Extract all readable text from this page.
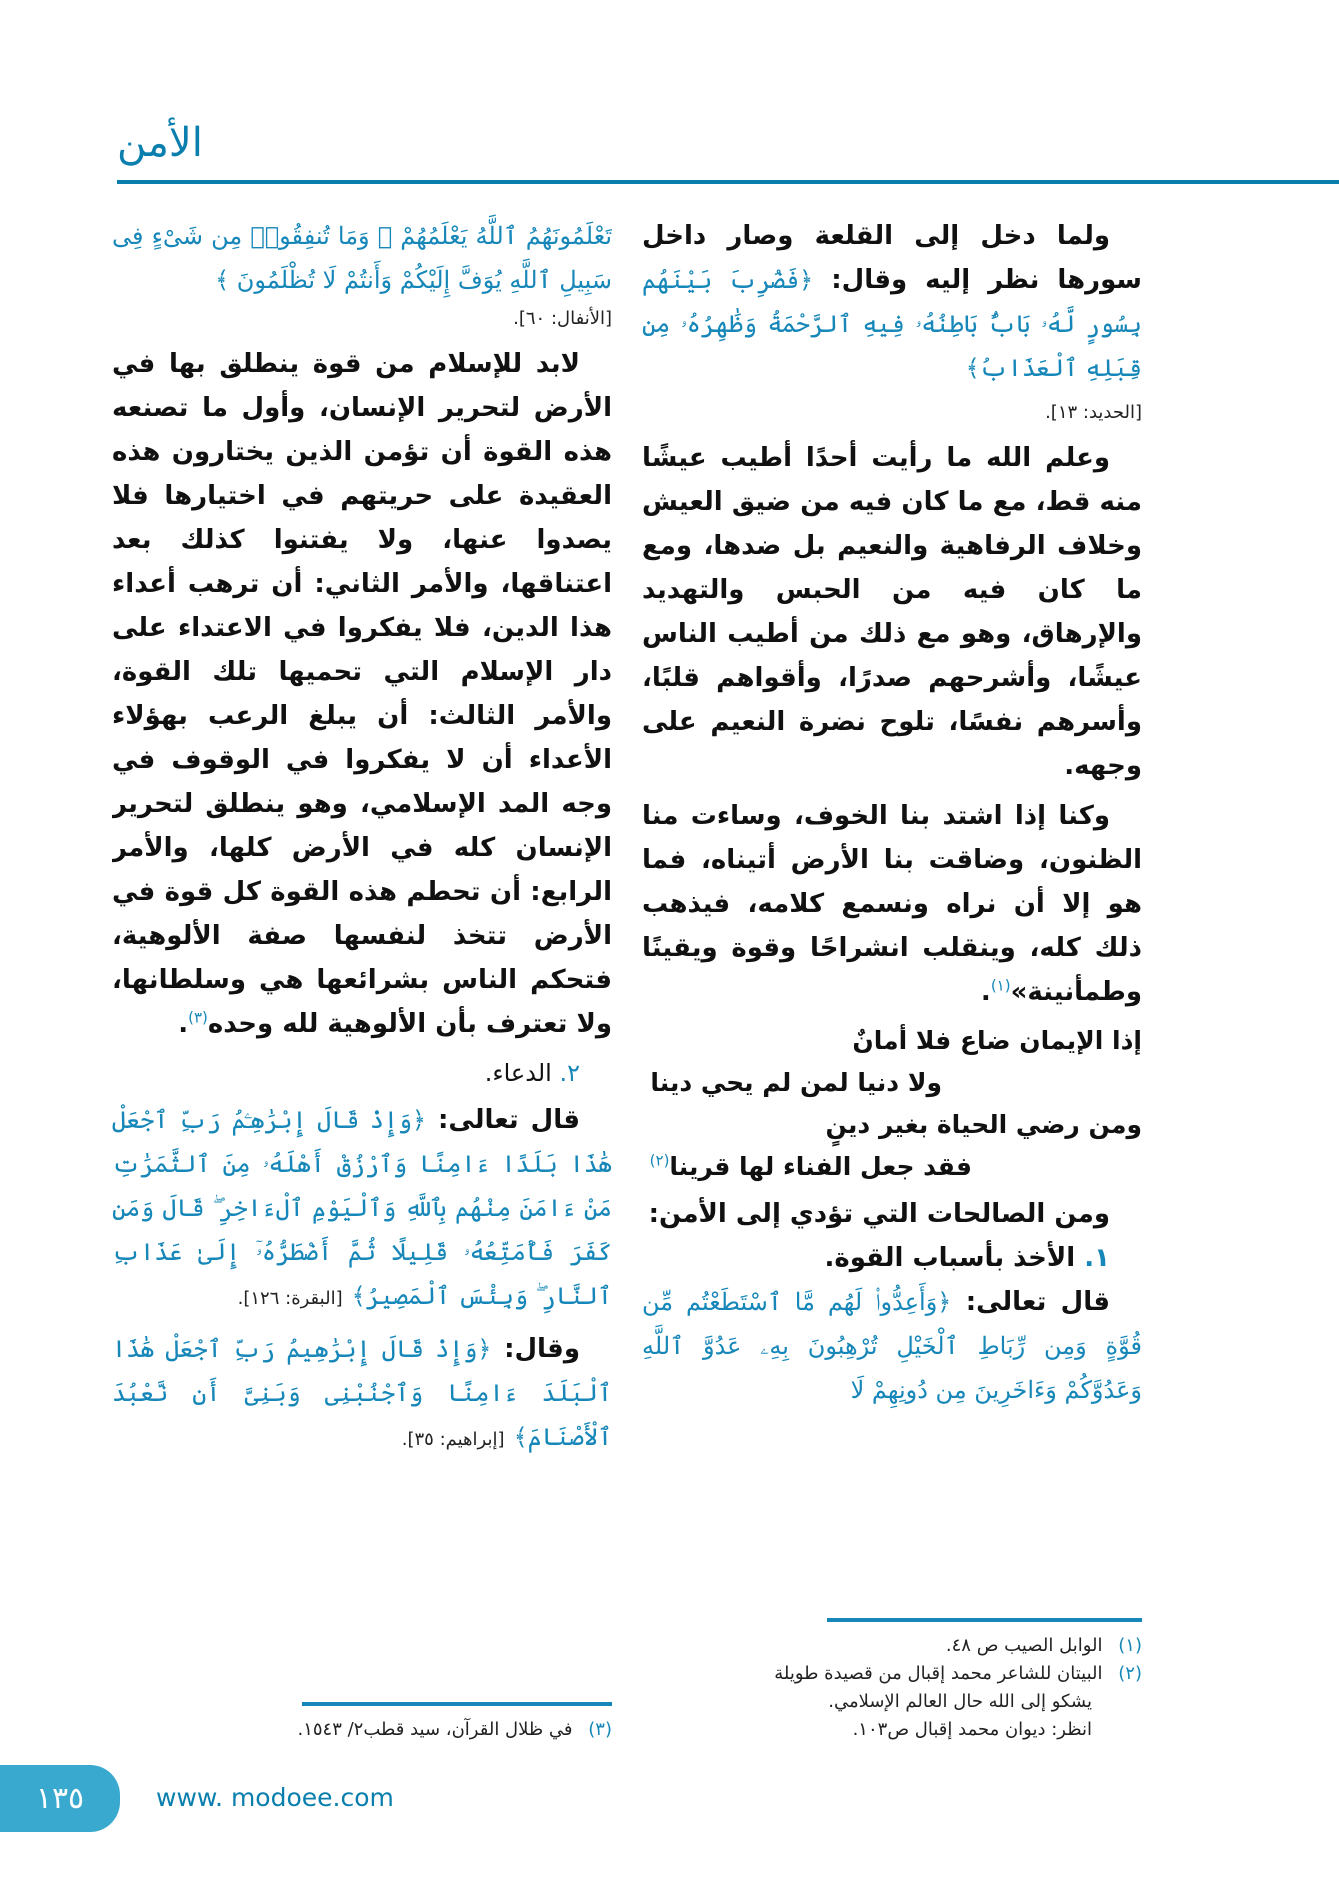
الأمن

ولما دخل إلى القلعة وصار داخل سورها نظر إليه وقال: ﴿فَضُرِبَ بَيْنَهُم بِسُورٍ لَّهُۥ بَابٌۢ بَاطِنُهُۥ فِيهِ ٱلرَّحْمَةُ وَظَٰهِرُهُۥ مِن قِبَلِهِ ٱلْعَذَابُ﴾

[الحديد: ١٣].

وعلم الله ما رأيت أحدًا أطيب عيشًا منه قط، مع ما كان فيه من ضيق العيش وخلاف الرفاهية والنعيم بل ضدها، ومع ما كان فيه من الحبس والتهديد والإرهاق، وهو مع ذلك من أطيب الناس عيشًا، وأشرحهم صدرًا، وأقواهم قلبًا، وأسرهم نفسًا، تلوح نضرة النعيم على وجهه.

وكنا إذا اشتد بنا الخوف، وساءت منا الظنون، وضاقت بنا الأرض أتيناه، فما هو إلا أن نراه ونسمع كلامه، فيذهب ذلك كله، وينقلب انشراحًا وقوة ويقينًا وطمأنينة»$^{(١)}$.

إذا الإيمان ضاع فلا أمانٌ
ولا دنيا لمن لم يحي دينا
ومن رضي الحياة بغير دينٍ
فقد جعل الفناء لها قرينا$^{(٢)}$

ومن الصالحات التي تؤدي إلى الأمن:

١. الأخذ بأسباب القوة.

قال تعالى: ﴿وَأَعِدُّوا۟ لَهُم مَّا ٱسْتَطَعْتُم مِّن قُوَّةٍ وَمِن رِّبَاطِ ٱلْخَيْلِ تُرْهِبُونَ بِهِۦ عَدُوَّ ٱللَّهِ وَعَدُوَّكُمْ وَءَاخَرِينَ مِن دُونِهِمْ لَا

(١) الوابل الصيب ص ٤٨.

(٢) البيتان للشاعر محمد إقبال من قصيدة طويلة
يشكو إلى الله حال العالم الإسلامي.
انظر: ديوان محمد إقبال ص١٠٣.

تَعْلَمُونَهُمُ ٱللَّهُ يَعْلَمُهُمْ ۚ وَمَا تُنفِقُوا۟ مِن شَىْءٍ فِى سَبِيلِ ٱللَّهِ يُوَفَّ إِلَيْكُمْ وَأَنتُمْ لَا تُظْلَمُونَ ﴾

[الأنفال: ٦٠].

لابد للإسلام من قوة ينطلق بها في الأرض لتحرير الإنسان، وأول ما تصنعه هذه القوة أن تؤمن الذين يختارون هذه العقيدة على حريتهم في اختيارها فلا يصدوا عنها، ولا يفتنوا كذلك بعد اعتناقها، والأمر الثاني: أن ترهب أعداء هذا الدين، فلا يفكروا في الاعتداء على دار الإسلام التي تحميها تلك القوة، والأمر الثالث: أن يبلغ الرعب بهؤلاء الأعداء أن لا يفكروا في الوقوف في وجه المد الإسلامي، وهو ينطلق لتحرير الإنسان كله في الأرض كلها، والأمر الرابع: أن تحطم هذه القوة كل قوة في الأرض تتخذ لنفسها صفة الألوهية، فتحكم الناس بشرائعها هي وسلطانها، ولا تعترف بأن الألوهية لله وحده$^{(٣)}$.

٢. الدعاء.

قال تعالى: ﴿وَإِذْ قَالَ إِبْرَٰهِـۧمُ رَبِّ ٱجْعَلْ هَٰذَا بَلَدًا ءَامِنًا وَٱرْزُقْ أَهْلَهُۥ مِنَ ٱلثَّمَرَٰتِ مَنْ ءَامَنَ مِنْهُم بِٱللَّهِ وَٱلْيَوْمِ ٱلْءَاخِرِ ۖ قَالَ وَمَن كَفَرَ فَأُمَتِّعُهُۥ قَلِيلًا ثُمَّ أَضْطَرُّهُۥٓ إِلَىٰ عَذَابِ ٱلنَّارِ ۖ وَبِئْسَ ٱلْمَصِيرُ﴾ [البقرة: ١٢٦].

وقال: ﴿وَإِذْ قَالَ إِبْرَٰهِيمُ رَبِّ ٱجْعَلْ هَٰذَا ٱلْبَلَدَ ءَامِنًا وَٱجْنُبْنِى وَبَنِىَّ أَن نَّعْبُدَ ٱلْأَصْنَامَ﴾ [إبراهيم: ٣٥].

(٣) في ظلال القرآن، سيد قطب٢/ ١٥٤٣.

١٣٥	www. modoee.com
